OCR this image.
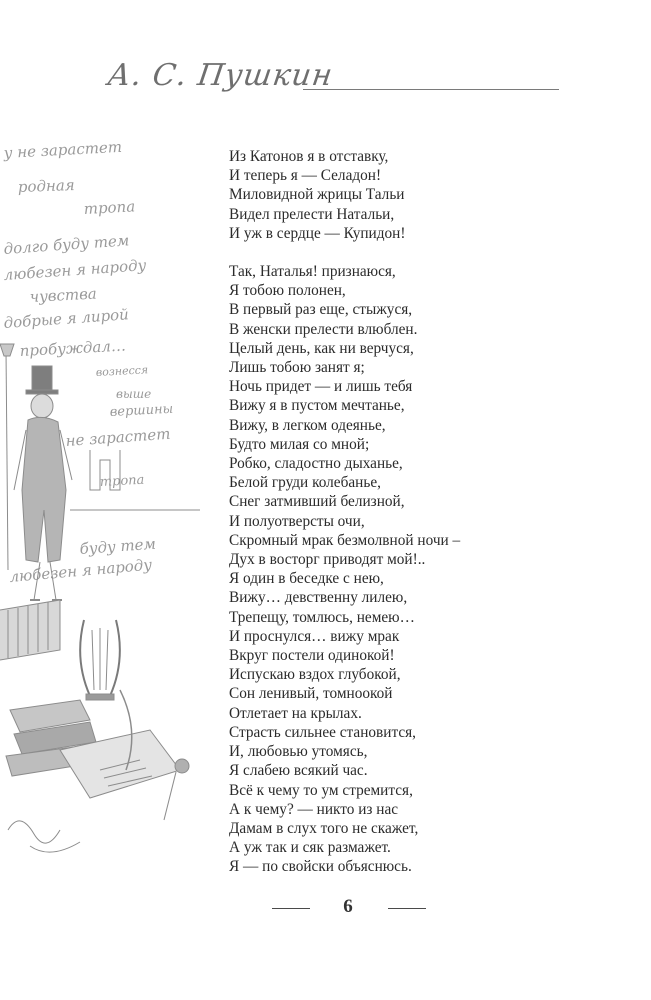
А. С. Пушкин
у не зарастет
родная
тропа
долго буду тем
любезен я народу
чувства
добрые я лирой
пробуждал…
вознесся
выше
вершины
не зарастет
тропа
буду тем
любезен я народу
Из Катонов я в отставку,
И теперь я — Селадон!
Миловидной жрицы Тальи
Видел прелести Натальи,
И уж в сердце — Купидон!
Так, Наталья! признаюся,
Я тобою полонен,
В первый раз еще, стыжуся,
В женски прелести влюблен.
Целый день, как ни верчуся,
Лишь тобою занят я;
Ночь придет — и лишь тебя
Вижу я в пустом мечтанье,
Вижу, в легком одеянье,
Будто милая со мной;
Робко, сладостно дыханье,
Белой груди колебанье,
Снег затмивший белизной,
И полуотверсты очи,
Скромный мрак безмолвной ночи –
Дух в восторг приводят мой!..
Я один в беседке с нею,
Вижу… девственну лилею,
Трепещу, томлюсь, немею…
И проснулся… вижу мрак
Вкруг постели одинокой!
Испускаю вздох глубокой,
Сон ленивый, томноокой
Отлетает на крылах.
Страсть сильнее становится,
И, любовью утомясь,
Я слабею всякий час.
Всё к чему то ум стремится,
А к чему? — никто из нас
Дамам в слух того не скажет,
А уж так и сяк размажет.
Я — по свойски объяснюсь.
6
